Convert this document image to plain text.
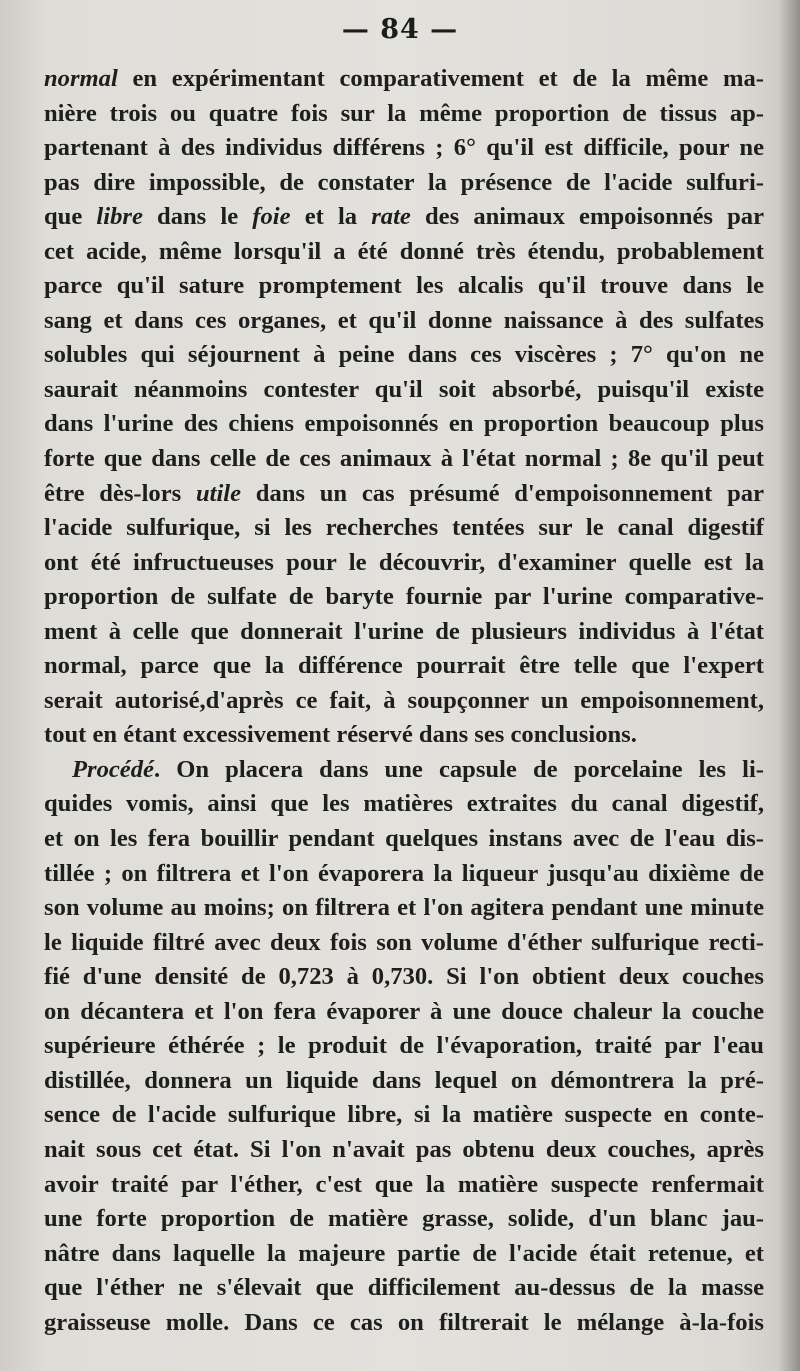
— 84 —
normal en expérimentant comparativement et de la même ma-
nière trois ou quatre fois sur la même proportion de tissus ap-
partenant à des individus différens ; 6° qu'il est difficile, pour ne
pas dire impossible, de constater la présence de l'acide sulfuri-
que libre dans le foie et la rate des animaux empoisonnés par
cet acide, même lorsqu'il a été donné très étendu, probablement
parce qu'il sature promptement les alcalis qu'il trouve dans le
sang et dans ces organes, et qu'il donne naissance à des sulfates
solubles qui séjournent à peine dans ces viscères ; 7° qu'on ne
saurait néanmoins contester qu'il soit absorbé, puisqu'il existe
dans l'urine des chiens empoisonnés en proportion beaucoup plus
forte que dans celle de ces animaux à l'état normal ; 8e qu'il peut
être dès-lors utile dans un cas présumé d'empoisonnement par
l'acide sulfurique, si les recherches tentées sur le canal digestif
ont été infructueuses pour le découvrir, d'examiner quelle est la
proportion de sulfate de baryte fournie par l'urine comparative-
ment à celle que donnerait l'urine de plusieurs individus à l'état
normal, parce que la différence pourrait être telle que l'expert
serait autorisé,d'après ce fait, à soupçonner un empoisonnement,
tout en étant excessivement réservé dans ses conclusions.
Procédé. On placera dans une capsule de porcelaine les li-
quides vomis, ainsi que les matières extraites du canal digestif,
et on les fera bouillir pendant quelques instans avec de l'eau dis-
tillée ; on filtrera et l'on évaporera la liqueur jusqu'au dixième de
son volume au moins; on filtrera et l'on agitera pendant une minute
le liquide filtré avec deux fois son volume d'éther sulfurique recti-
fié d'une densité de 0,723 à 0,730. Si l'on obtient deux couches
on décantera et l'on fera évaporer à une douce chaleur la couche
supérieure éthérée ; le produit de l'évaporation, traité par l'eau
distillée, donnera un liquide dans lequel on démontrera la pré-
sence de l'acide sulfurique libre, si la matière suspecte en conte-
nait sous cet état. Si l'on n'avait pas obtenu deux couches, après
avoir traité par l'éther, c'est que la matière suspecte renfermait
une forte proportion de matière grasse, solide, d'un blanc jau-
nâtre dans laquelle la majeure partie de l'acide était retenue, et
que l'éther ne s'élevait que difficilement au-dessus de la masse
graisseuse molle. Dans ce cas on filtrerait le mélange à-la-fois
